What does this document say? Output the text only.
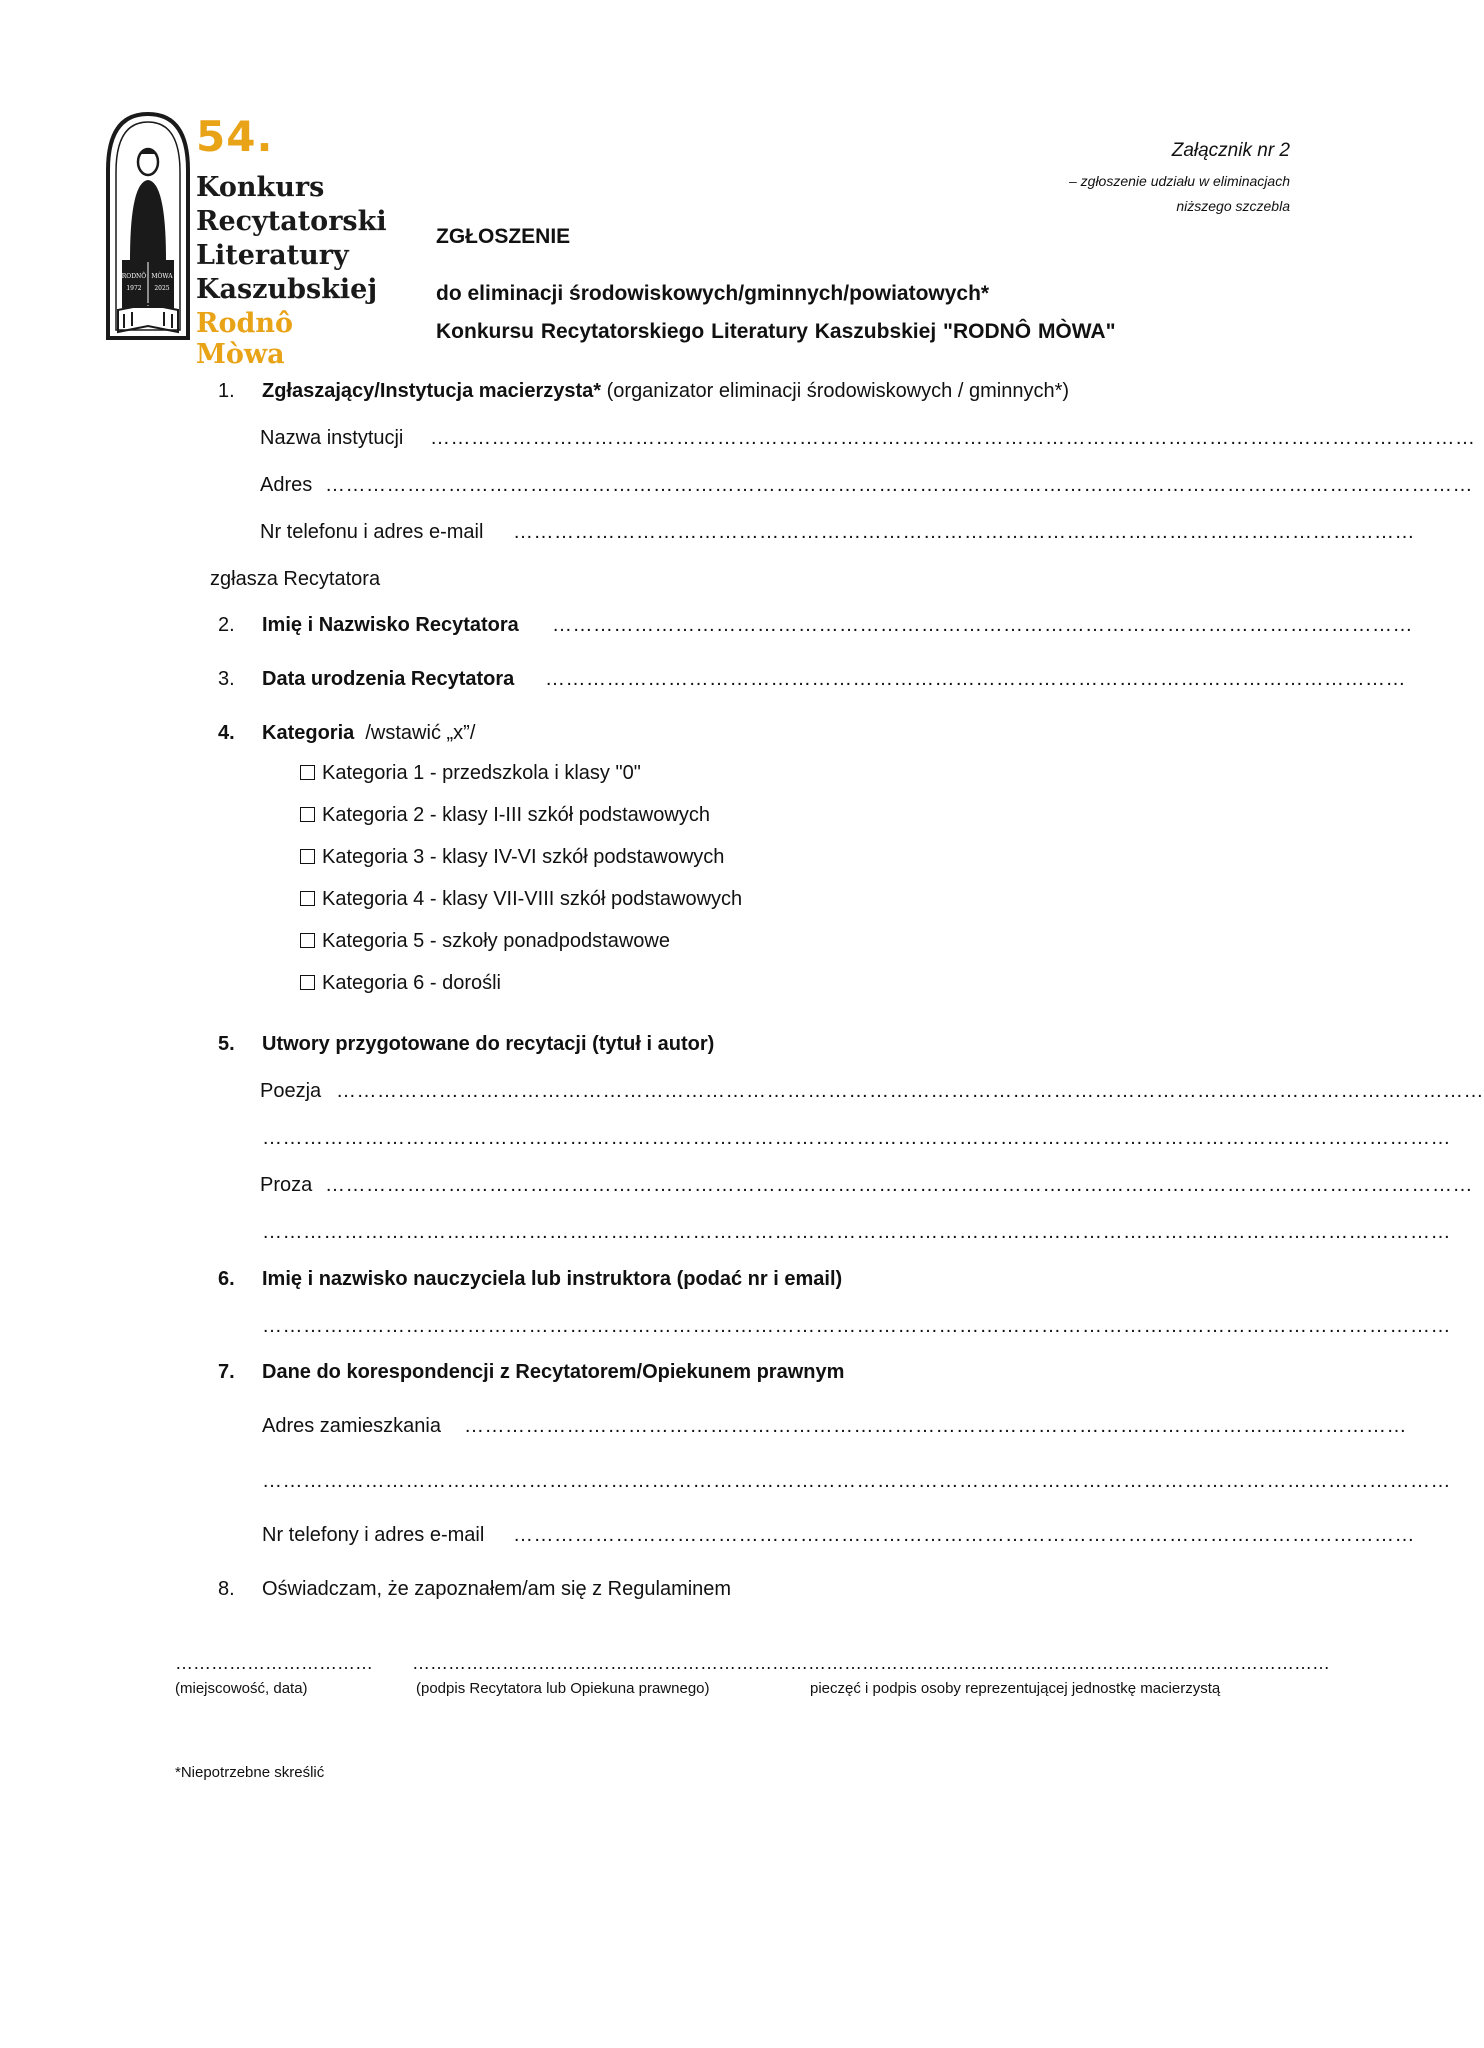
RODNÔ MÒWA
1972 2025
54.
Konkurs
Recytatorski
Literatury
Kaszubskiej
Rodnô Mòwa
Załącznik nr 2
– zgłoszenie udziału w eliminacjach
niższego szczebla
ZGŁOSZENIE
do eliminacji środowiskowych/gminnych/powiatowych*
Konkursu Recytatorskiego Literatury Kaszubskiej "RODNÔ MÒWA"
1. Zgłaszający/Instytucja macierzysta* (organizator eliminacji środowiskowych / gminnych*)
Nazwa instytucji ………………………………………………………………………………………………………………………………………
Adres ……………………………………………………………………………………………………………………………………………………
Nr telefonu i adres e-mail ……………………………………………………………………………………………………………………
zgłasza Recytatora
2. Imię i Nazwisko Recytatora ………………………………………………………………………………………………………………
3. Data urodzenia Recytatora ………………………………………………………………………………………………………………
4. Kategoria /wstawić „x”/
Kategoria 1 - przedszkola i klasy "0"
Kategoria 2 - klasy I-III szkół podstawowych
Kategoria 3 - klasy IV-VI szkół podstawowych
Kategoria 4 - klasy VII-VIII szkół podstawowych
Kategoria 5 - szkoły ponadpodstawowe
Kategoria 6 - dorośli
5. Utwory przygotowane do recytacji (tytuł i autor)
Poezja ……………………………………………………………………………………………………………………………………………………
…………………………………………………………………………………………………………………………………………………………
Proza ……………………………………………………………………………………………………………………………………………………
…………………………………………………………………………………………………………………………………………………………
6. Imię i nazwisko nauczyciela lub instruktora (podać nr i email)
…………………………………………………………………………………………………………………………………………………………
7. Dane do korespondencji z Recytatorem/Opiekunem prawnym
Adres zamieszkania …………………………………………………………………………………………………………………………
…………………………………………………………………………………………………………………………………………………………
Nr telefony i adres e-mail ……………………………………………………………………………………………………………………
8. Oświadczam, że zapoznałem/am się z Regulaminem
…………………………… ………………………………………………………… ……………………………………………………………………………
(miejscowość, data)	(podpis Recytatora lub Opiekuna prawnego)	pieczęć i podpis osoby reprezentującej jednostkę macierzystą
*Niepotrzebne skreślić
